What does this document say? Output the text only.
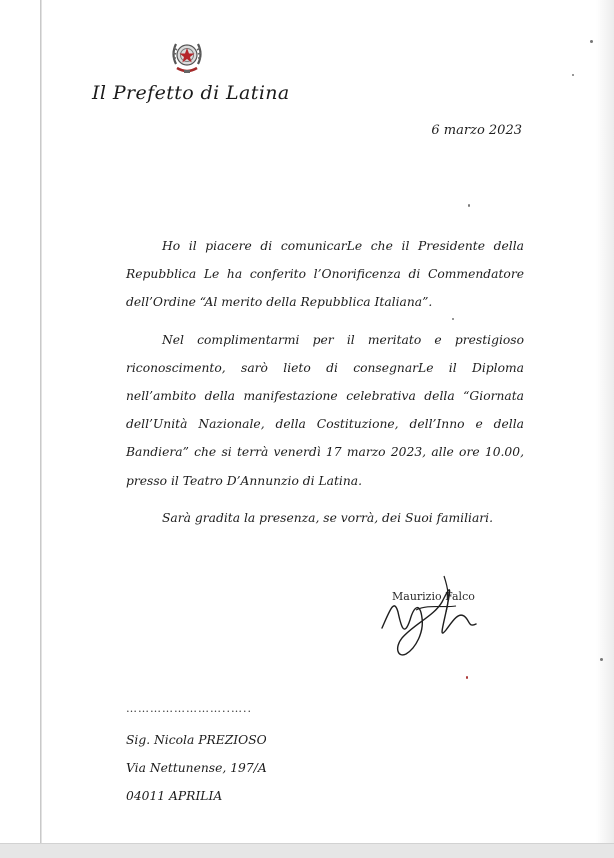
Il Prefetto di Latina
6 marzo 2023

Ho il piacere di comunicarLe che il Presidente della Repubblica Le ha conferito l’Onorificenza di Commendatore dell’Ordine “Al merito della Repubblica Italiana”.

Nel complimentarmi per il meritato e prestigioso riconoscimento, sarò lieto di consegnarLe il Diploma nell’ambito della manifestazione celebrativa della “Giornata dell’Unità Nazionale, della Costituzione, dell’Inno e della Bandiera” che si terrà venerdì 17 marzo 2023, alle ore 10.00, presso il Teatro D’Annunzio di Latina.

Sarà gradita la presenza, se vorrà, dei Suoi familiari.

Maurizio Falco
……………………..…..
Sig. Nicola PREZIOSO
Via Nettunense, 197/A
04011 APRILIA
